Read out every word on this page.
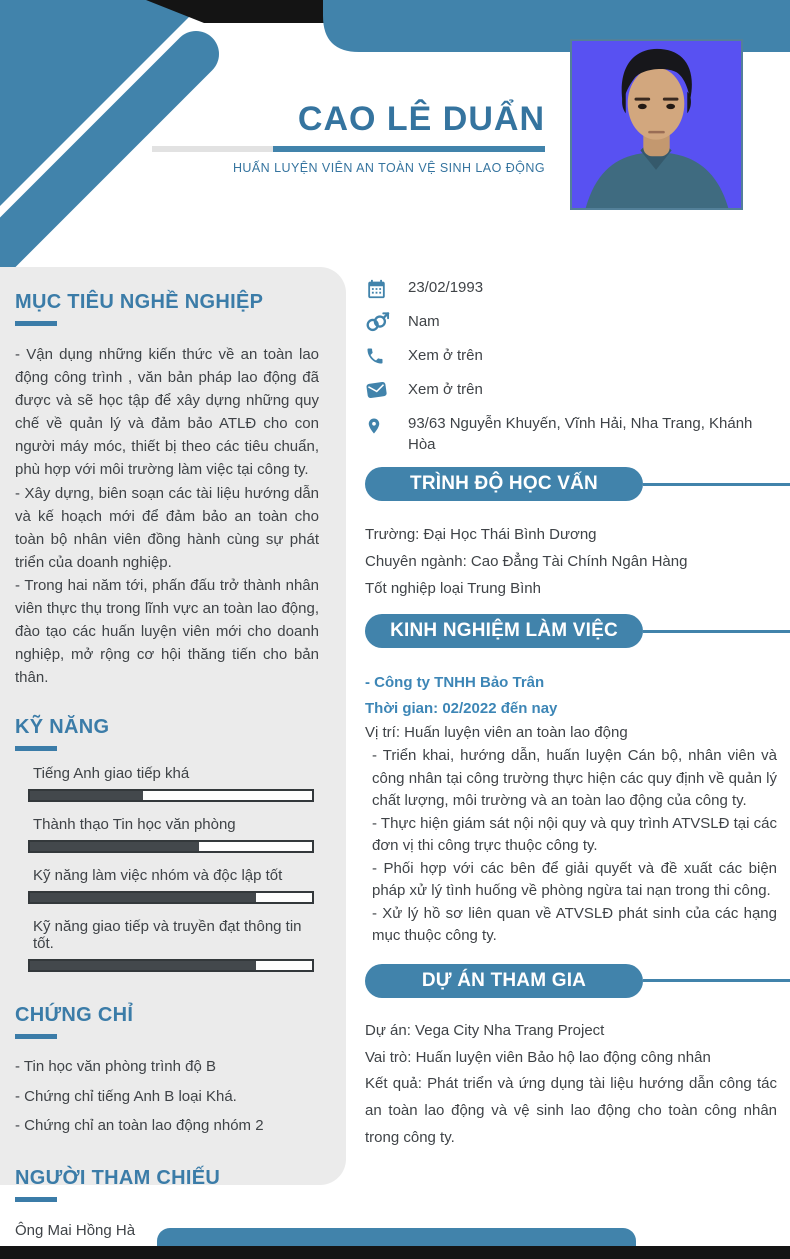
CAO LÊ DUẨN
HUẤN LUYỆN VIÊN AN TOÀN VỆ SINH LAO ĐỘNG
MỤC TIÊU NGHỀ NGHIỆP

- Vận dụng những kiến thức về an toàn lao động công trình , văn bản pháp lao động đã được và sẽ học tập để xây dựng những quy chế về quản lý và đảm bảo ATLĐ cho con người máy móc, thiết bị theo các tiêu chuẩn, phù hợp với môi trường làm việc tại công ty.

- Xây dựng, biên soạn các tài liệu hướng dẫn và kế hoạch mới để đảm bảo an toàn cho toàn bộ nhân viên đồng hành cùng sự phát triển của doanh nghiệp.

- Trong hai năm tới, phấn đấu trở thành nhân viên thực thụ trong lĩnh vực an toàn lao động, đào tạo các huấn luyện viên mới cho doanh nghiệp, mở rộng cơ hội thăng tiến cho bản thân.

KỸ NĂNG
Tiếng Anh giao tiếp khá
Thành thạo Tin học văn phòng
Kỹ năng làm việc nhóm và độc lập tốt
Kỹ năng giao tiếp và truyền đạt thông tin tốt.
CHỨNG CHỈ
- Tin học văn phòng trình độ B
- Chứng chỉ tiếng Anh B loại Khá.
- Chứng chỉ an toàn lao động nhóm 2
NGƯỜI THAM CHIẾU
Ông Mai Hồng Hà
23/02/1993
Nam
Xem ở trên
Xem ở trên
93/63 Nguyễn Khuyến, Vĩnh Hải, Nha Trang, Khánh Hòa
TRÌNH ĐỘ HỌC VẤN
Trường: Đại Học Thái Bình Dương
Chuyên ngành: Cao Đẳng Tài Chính Ngân Hàng
Tốt nghiệp loại Trung Bình
KINH NGHIỆM LÀM VIỆC
- Công ty TNHH Bảo Trân
Thời gian: 02/2022 đến nay
Vị trí: Huấn luyện viên an toàn lao động

- Triển khai, hướng dẫn, huấn luyện Cán bộ, nhân viên và công nhân tại công trường thực hiện các quy định về quản lý chất lượng, môi trường và an toàn lao động của công ty.

- Thực hiện giám sát nội nội quy và quy trình ATVSLĐ tại các đơn vị thi công trực thuộc công ty.

- Phối hợp với các bên để giải quyết và đề xuất các biện pháp xử lý tình huống về phòng ngừa tai nạn trong thi công.

- Xử lý hồ sơ liên quan về ATVSLĐ phát sinh của các hạng mục thuộc công ty.

DỰ ÁN THAM GIA
Dự án: Vega City Nha Trang Project
Vai trò: Huấn luyện viên Bảo hộ lao động công nhân
Kết quả: Phát triển và ứng dụng tài liệu hướng dẫn công tác an toàn lao động và vệ sinh lao động cho toàn công nhân trong công ty.
